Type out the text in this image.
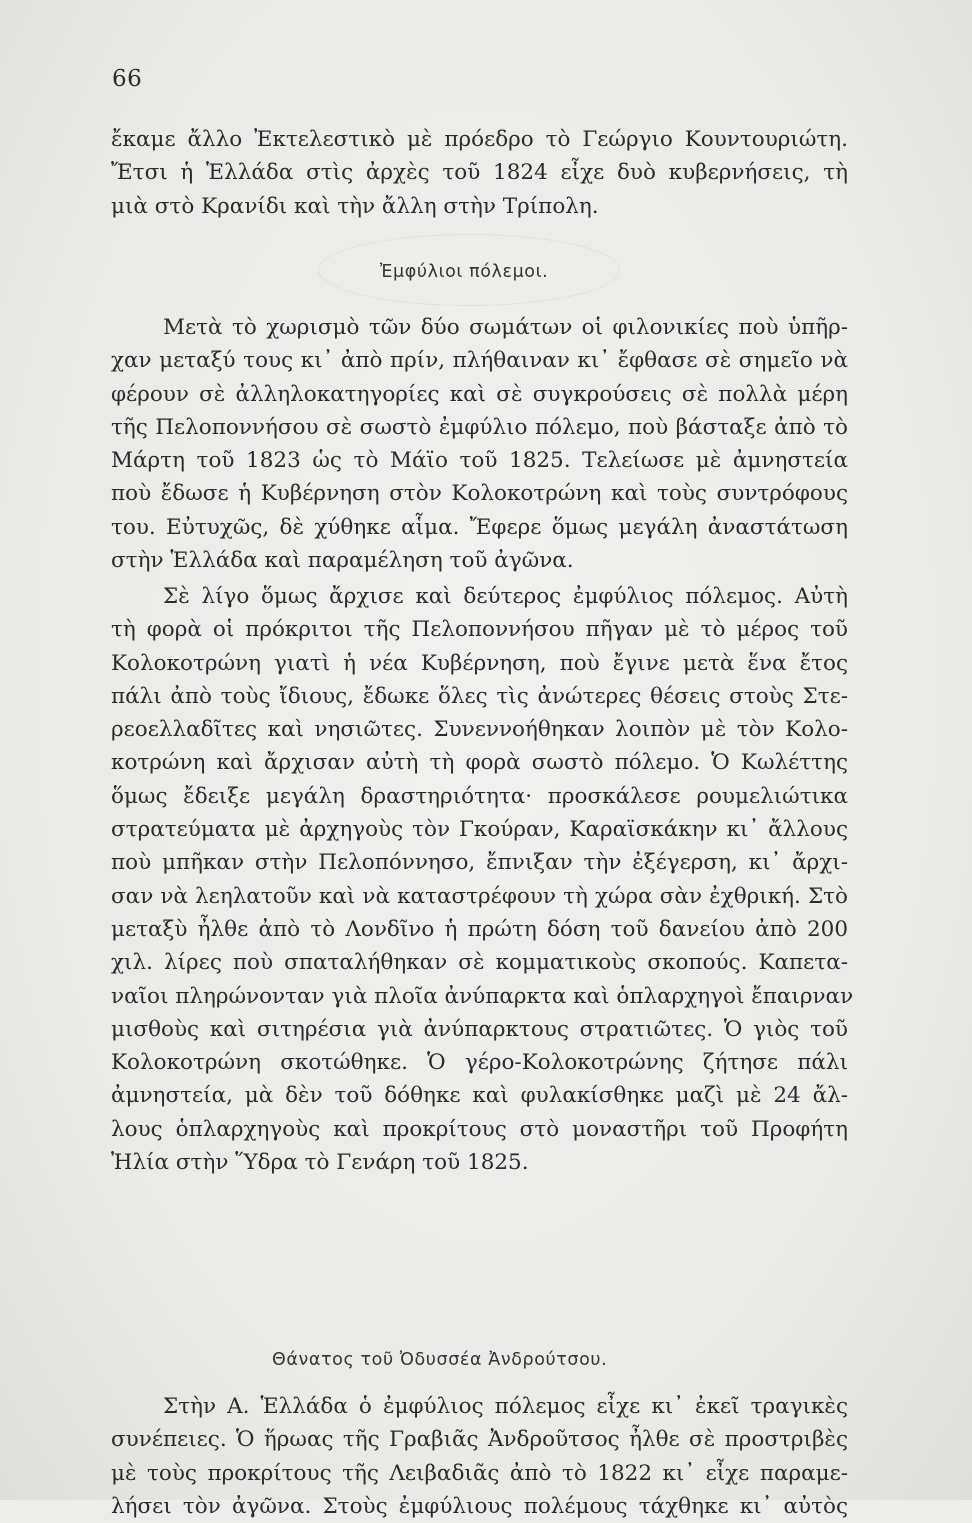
66
ἔκαμε ἄλλο Ἐκτελεστικὸ μὲ πρόεδρο τὸ Γεώργιο Κουντουριώτη.
Ἔτσι ἡ Ἑλλάδα στὶς ἀρχὲς τοῦ 1824 εἶχε δυὸ κυβερνήσεις, τὴ
μιὰ στὸ Κρανίδι καὶ τὴν ἄλλη στὴν Τρίπολη.
Ἐμφύλιοι πόλεμοι.
Μετὰ τὸ χωρισμὸ τῶν δύο σωμάτων οἱ φιλονικίες ποὺ ὑπῆρ-
χαν μεταξύ τους κι᾿ ἀπὸ πρίν, πλήθαιναν κι᾿ ἔφθασε σὲ σημεῖο νὰ
φέρουν σὲ ἀλληλοκατηγορίες καὶ σὲ συγκρούσεις σὲ πολλὰ μέρη
τῆς Πελοποννήσου σὲ σωστὸ ἐμφύλιο πόλεμο, ποὺ βάσταξε ἀπὸ τὸ
Μάρτη τοῦ 1823 ὡς τὸ Μάϊο τοῦ 1825. Τελείωσε μὲ ἀμνηστεία
ποὺ ἔδωσε ἡ Κυβέρνηση στὸν Κολοκοτρώνη καὶ τοὺς συντρόφους
του. Εὐτυχῶς, δὲ χύθηκε αἷμα. Ἔφερε ὅμως μεγάλη ἀναστάτωση
στὴν Ἑλλάδα καὶ παραμέληση τοῦ ἀγῶνα.
Σὲ λίγο ὅμως ἄρχισε καὶ δεύτερος ἐμφύλιος πόλεμος. Αὐτὴ
τὴ φορὰ οἱ πρόκριτοι τῆς Πελοποννήσου πῆγαν μὲ τὸ μέρος τοῦ
Κολοκοτρώνη γιατὶ ἡ νέα Κυβέρνηση, ποὺ ἔγινε μετὰ ἕνα ἔτος
πάλι ἀπὸ τοὺς ἴδιους, ἔδωκε ὅλες τὶς ἀνώτερες θέσεις στοὺς Στε-
ρεοελλαδῖτες καὶ νησιῶτες. Συνεννοήθηκαν λοιπὸν μὲ τὸν Κολο-
κοτρώνη καὶ ἄρχισαν αὐτὴ τὴ φορὰ σωστὸ πόλεμο. Ὁ Κωλέττης
ὅμως ἔδειξε μεγάλη δραστηριότητα· προσκάλεσε ρουμελιώτικα
στρατεύματα μὲ ἀρχηγοὺς τὸν Γκούραν, Καραϊσκάκην κι᾿ ἄλλους
ποὺ μπῆκαν στὴν Πελοπόννησο, ἔπνιξαν τὴν ἐξέγερση, κι᾿ ἄρχι-
σαν νὰ λεηλατοῦν καὶ νὰ καταστρέφουν τὴ χώρα σὰν ἐχθρική. Στὸ
μεταξὺ ἦλθε ἀπὸ τὸ Λονδῖνο ἡ πρώτη δόση τοῦ δανείου ἀπὸ 200
χιλ. λίρες ποὺ σπαταλήθηκαν σὲ κομματικοὺς σκοπούς. Καπετα-
ναῖοι πληρώνονταν γιὰ πλοῖα ἀνύπαρκτα καὶ ὁπλαρχηγοὶ ἔπαιρναν
μισθοὺς καὶ σιτηρέσια γιὰ ἀνύπαρκτους στρατιῶτες. Ὁ γιὸς τοῦ
Κολοκοτρώνη σκοτώθηκε. Ὁ γέρο-Κολοκοτρώνης ζήτησε πάλι
ἀμνηστεία, μὰ δὲν τοῦ δόθηκε καὶ φυλακίσθηκε μαζὶ μὲ 24 ἄλ-
λους ὁπλαρχηγοὺς καὶ προκρίτους στὸ μοναστῆρι τοῦ Προφήτη
Ἠλία στὴν Ὕδρα τὸ Γενάρη τοῦ 1825.
Θάνατος τοῦ Ὀδυσσέα Ἀνδρούτσου.
Στὴν Α. Ἑλλάδα ὁ ἐμφύλιος πόλεμος εἶχε κι᾿ ἐκεῖ τραγικὲς
συνέπειες. Ὁ ἥρωας τῆς Γραβιᾶς Ἀνδροῦτσος ἦλθε σὲ προστριβὲς
μὲ τοὺς προκρίτους τῆς Λειβαδιᾶς ἀπὸ τὸ 1822 κι᾿ εἶχε παραμε-
λήσει τὸν ἀγῶνα. Στοὺς ἐμφύλιους πολέμους τάχθηκε κι᾿ αὐτὸς
